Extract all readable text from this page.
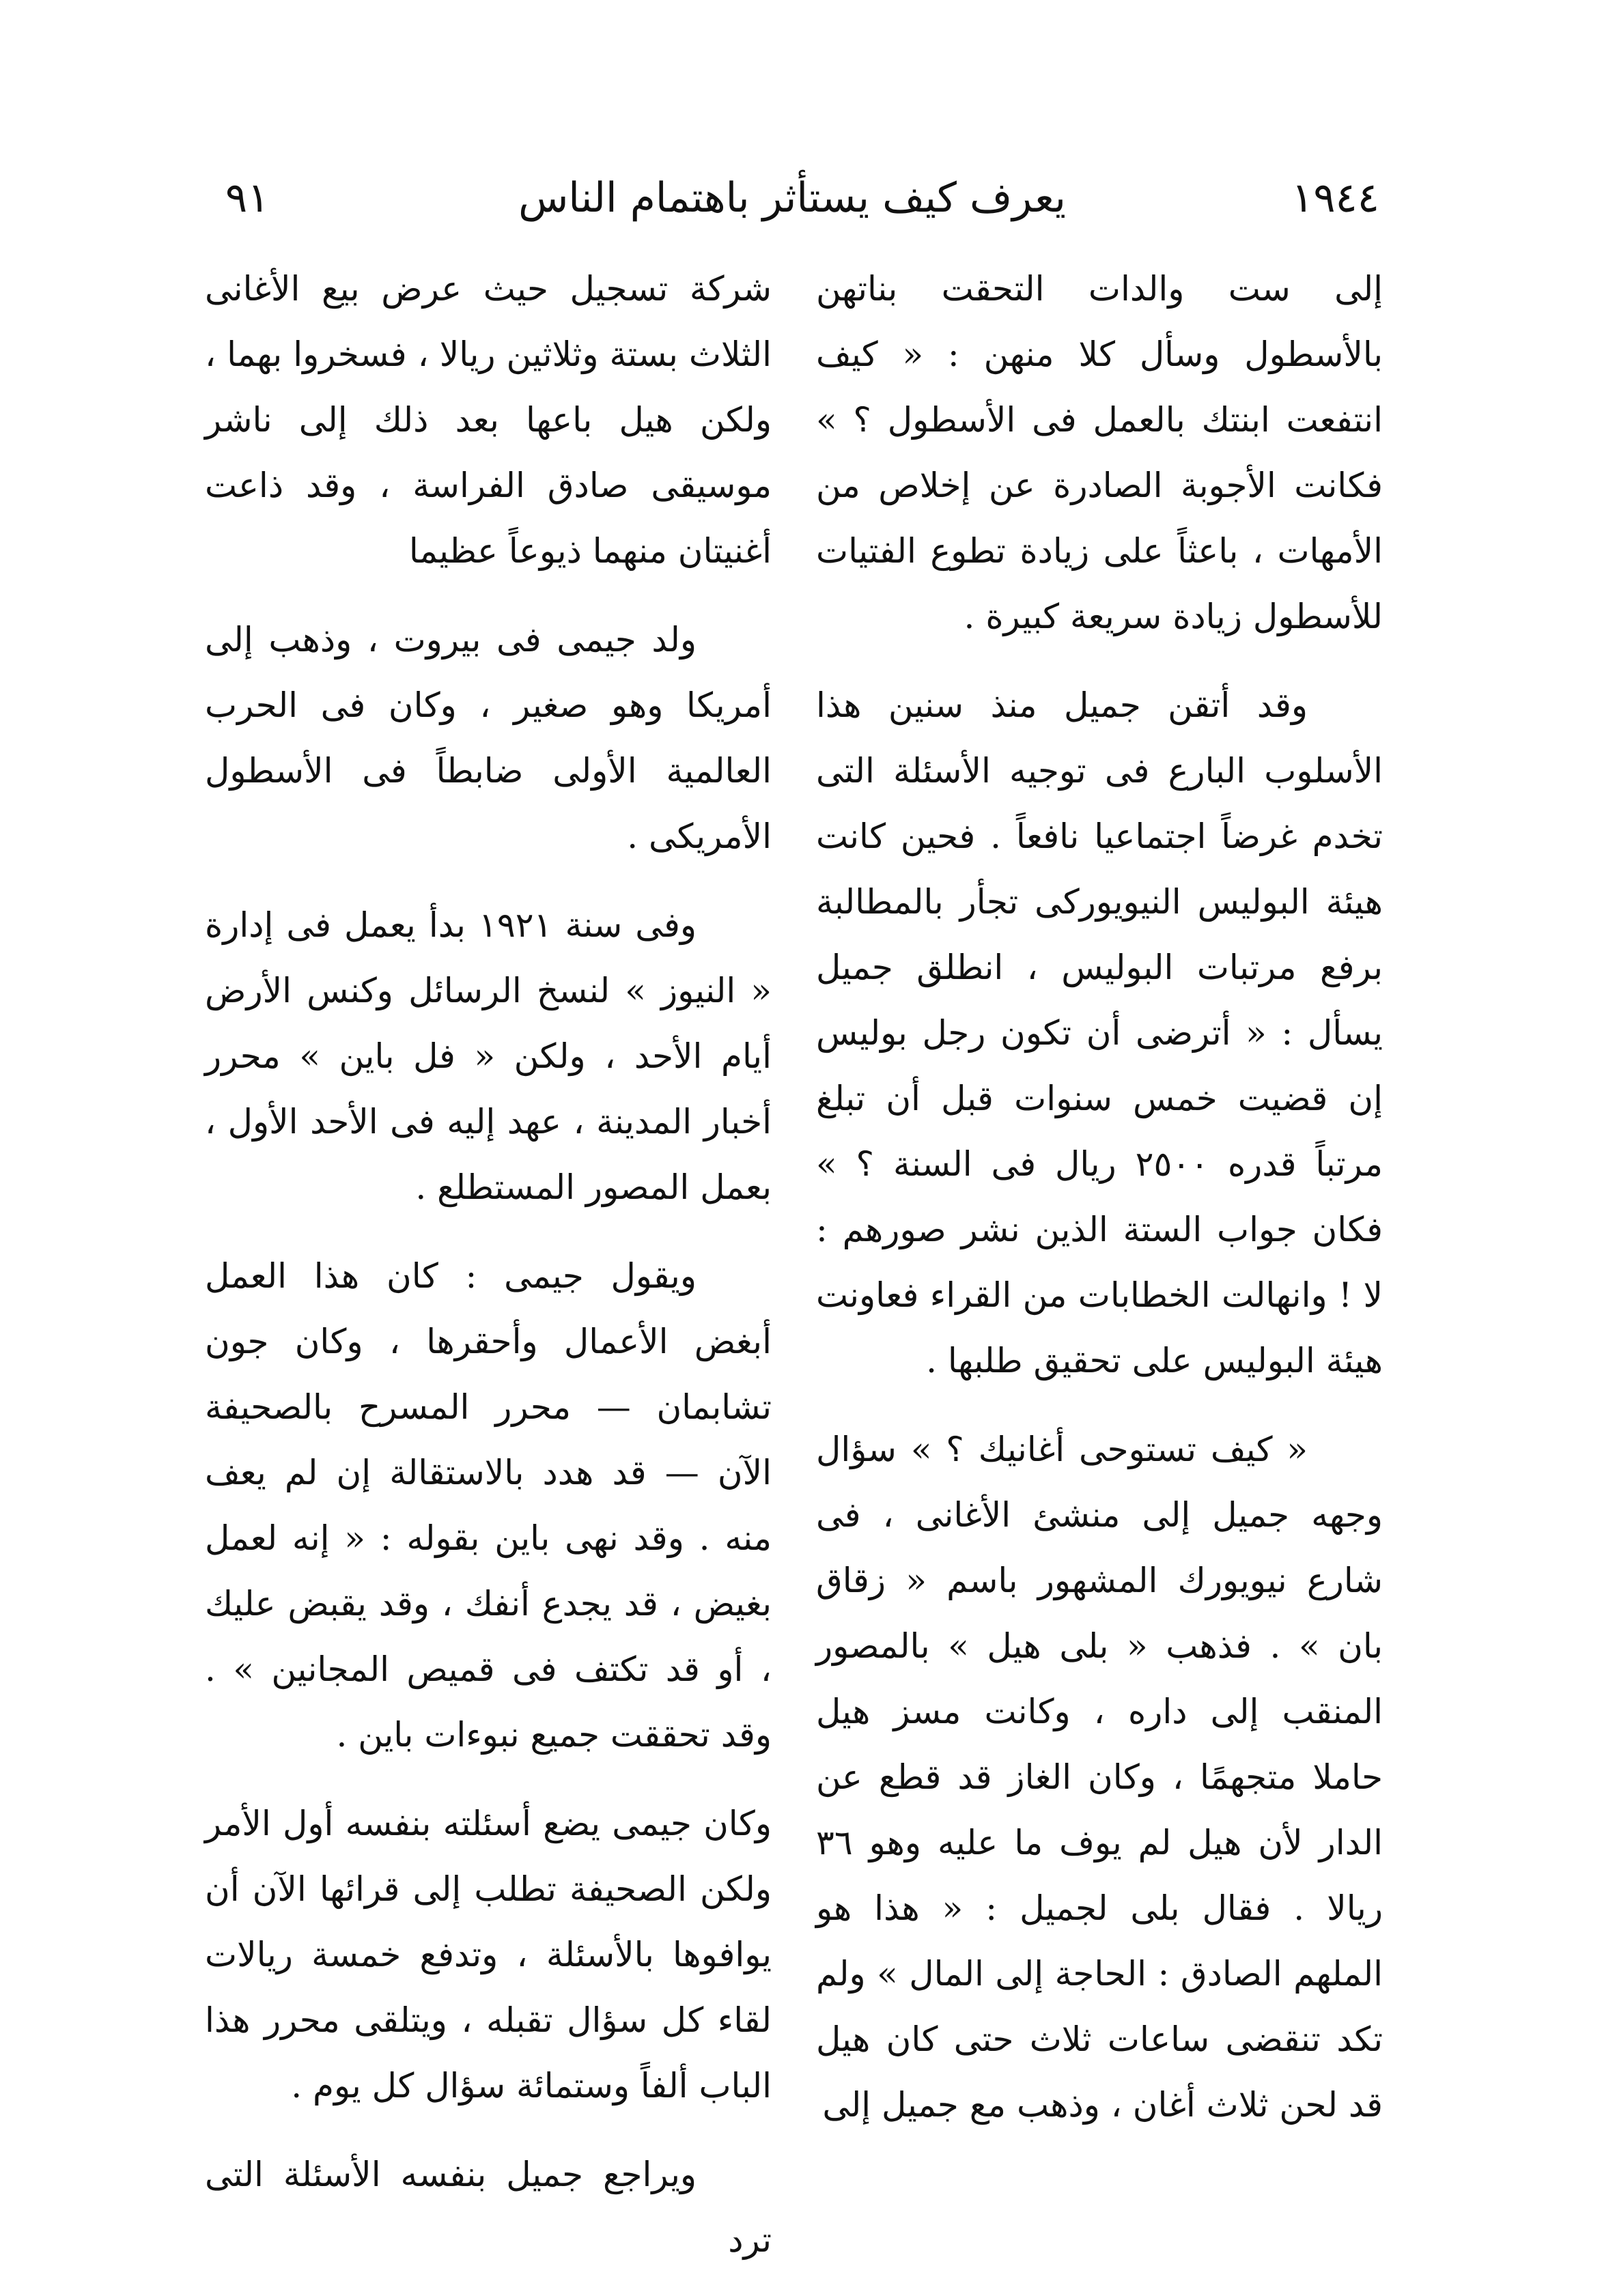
١٩٤٤
يعرف كيف يستأثر باهتمام الناس
٩١

إلى ست والدات التحقت بناتهن بالأسطول وسأل كلا منهن : « كيف انتفعت ابنتك بالعمل فى الأسطول ؟ » فكانت الأجوبة الصادرة عن إخلاص من الأمهات ، باعثاً على زيادة تطوع الفتيات للأسطول زيادة سريعة كبيرة .

وقد أتقن جميل منذ سنين هذا الأسلوب البارع فى توجيه الأسئلة التى تخدم غرضاً اجتماعيا نافعاً . فحين كانت هيئة البوليس النيويوركى تجأر بالمطالبة برفع مرتبات البوليس ، انطلق جميل يسأل : « أترضى أن تكون رجل بوليس إن قضيت خمس سنوات قبل أن تبلغ مرتباً قدره ٢٥٠٠ ريال فى السنة ؟ » فكان جواب الستة الذين نشر صورهم : لا ! وانهالت الخطابات من القراء فعاونت هيئة البوليس على تحقيق طلبها .

« كيف تستوحى أغانيك ؟ » سؤال وجهه جميل إلى منشئ الأغانى ، فى شارع نيويورك المشهور باسم « زقاق بان » . فذهب « بلى هيل » بالمصور المنقب إلى داره ، وكانت مسز هيل حاملا متجهمًا ، وكان الغاز قد قطع عن الدار لأن هيل لم يوف ما عليه وهو ٣٦ ريالا . فقال بلى لجميل : « هذا هو الملهم الصادق : الحاجة إلى المال » ولم تكد تنقضى ساعات ثلاث حتى كان هيل قد لحن ثلاث أغان ، وذهب مع جميل إلى

شركة تسجيل حيث عرض بيع الأغانى الثلاث بستة وثلاثين ريالا ، فسخروا بهما ، ولكن هيل باعها بعد ذلك إلى ناشر موسيقى صادق الفراسة ، وقد ذاعت أغنيتان منهما ذيوعاً عظيما

ولد جيمى فى بيروت ، وذهب إلى أمريكا وهو صغير ، وكان فى الحرب العالمية الأولى ضابطاً فى الأسطول الأمريكى .

وفى سنة ١٩٢١ بدأ يعمل فى إدارة « النيوز » لنسخ الرسائل وكنس الأرض أيام الأحد ، ولكن « فل باين » محرر أخبار المدينة ، عهد إليه فى الأحد الأول ، بعمل المصور المستطلع .

ويقول جيمى : كان هذا العمل أبغض الأعمال وأحقرها ، وكان جون تشابمان — محرر المسرح بالصحيفة الآن — قد هدد بالاستقالة إن لم يعف منه . وقد نهى باين بقوله : « إنه لعمل بغيض ، قد يجدع أنفك ، وقد يقبض عليك ، أو قد تكتف فى قميص المجانين » . وقد تحققت جميع نبوءات باين .

وكان جيمى يضع أسئلته بنفسه أول الأمر ولكن الصحيفة تطلب إلى قرائها الآن أن يوافوها بالأسئلة ، وتدفع خمسة ريالات لقاء كل سؤال تقبله ، ويتلقى محرر هذا الباب ألفاً وستمائة سؤال كل يوم .

ويراجع جميل بنفسه الأسئلة التى ترد
